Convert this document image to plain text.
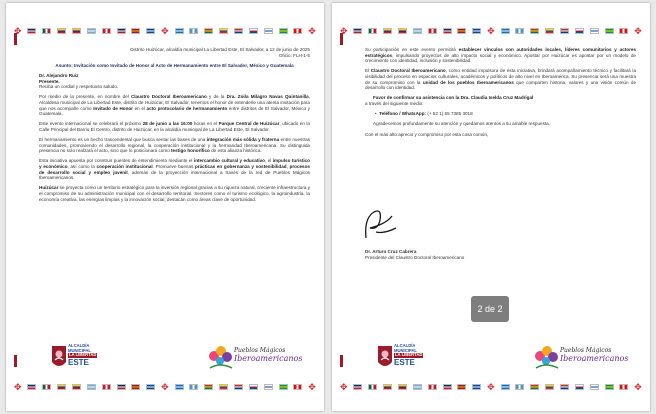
✥	✥	✥

Distrito Huizúcar, alcaldía municipal La Libertad Este, El Salvador, a 12 de junio de 2025

Oficio: FLH-1-5

Asunto: Invitación como Invitado de Honor al Acto de Hermanamiento entre El Salvador, México y Guatemala

Dr. Alejandro Ruiz

Presente.

Reciba un cordial y respetuoso saludo.

Por medio de la presente, en nombre del Claustro Doctoral Iberoamericano y de la Dra. Zoila Milagro Navas Quintanilla, Alcaldesa municipal de La Libertad Este, distrito de Huizúcar, El Salvador, tenemos el honor de extenderle una atenta invitación para que nos acompañe como Invitado de Honor en el acto protocolario de hermanamiento entre distritos de El Salvador, México y Guatemala.

Este evento internacional se celebrará el próximo 28 de junio a las 16:00 horas en el Parque Central de Huizúcar, ubicado en la Calle Principal del Barrio El Centro, distrito de Huizúcar, en la alcaldía municipal de La Libertad Este, El Salvador.

El hermanamiento es un hecho trascendental que busca sentar las bases de una integración más sólida y fraterna entre nuestras comunidades, promoviendo el desarrollo regional, la cooperación institucional y la hermandad Iberoamericana. Su distinguida presencia no solo realzará el acto, sino que lo posicionará como testigo honorífico de esta alianza histórica.

Esta iniciativa apuesta por construir puentes de entendimiento mediante el intercambio cultural y educativo, el impulso turístico y económico, así como la cooperación institucional. Promueve buenas prácticas en gobernanza y sostenibilidad, procesos de desarrollo social y empleo juvenil, además de la proyección internacional a través de la red de Pueblos Mágicos Iberoamericanos.

Huizúcar se proyecta como un territorio estratégico para la inversión regional gracias a su riqueza natural, creciente infraestructura y el compromiso de su administración municipal con el desarrollo territorial. Sectores como el turismo ecológico, la agroindustria, la economía creativa, las energías limpias y la innovación social, destacan como áreas clave de oportunidad.

ALCALDÍA
MUNICIPAL
LA LIBERTAD
ESTE
Pueblos Mágicos
Iberoamericanos
✥	✥	✥
✥	✥	✥

Su participación en este evento permitirá establecer vínculos con autoridades locales, líderes comunitarios y actores estratégicos, impulsando proyectos de alto impacto social y económico. Apostar por Huizúcar es apostar por un modelo de crecimiento con identidad, inclusión y sostenibilidad.

El Claustro Doctoral Iberoamericano, como entidad impulsora de esta iniciativa, brindará acompañamiento técnico y facilitará la visibilidad del proceso en espacios culturales, académicos y políticos de alto nivel en Iberoamérica. Su presencia será una muestra de su compromiso con la unidad de los pueblos Iberoamericanos que comparten historia, valores y una visión común de desarrollo con identidad.

Favor de confirmar su asistencia con la Dra. Claudia Iselda Cruz Madrigal

a través del siguiente medio:

•  Teléfono / WhatsApp: (+ 52 1) 55 7385 3018

Agradecemos profundamente su atención y quedamos atentos a su amable respuesta.

Con el más alto aprecio y compromiso por esta cosa común,

Dr. Arturo Cruz Cabrera
Presidente del Claustro Doctoral Iberoamericano
ALCALDÍA
MUNICIPAL
LA LIBERTAD
ESTE
Pueblos Mágicos
Iberoamericanos
✥	✥	✥
2 de 2
